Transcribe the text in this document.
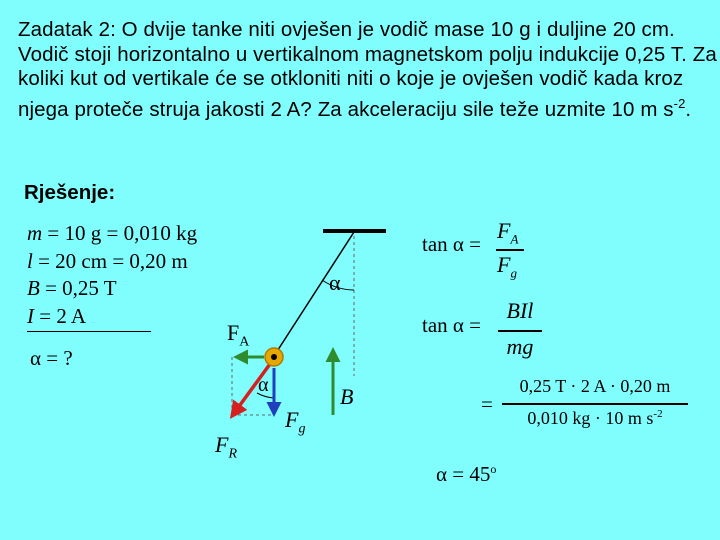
Zadatak 2: O dvije tanke niti ovješen je vodič mase 10 g i duljine 20 cm. Vodič stoji horizontalno u vertikalnom magnetskom polju indukcije 0,25 T. Za koliki kut od vertikale će se otkloniti niti o koje je ovješen vodič kada kroz njega proteče struja jakosti 2 A? Za akceleraciju sile teže uzmite 10 m $s^{-2}$.
Rješenje:
m = 10 g = 0,010 kg
l = 20 cm = 0,20 m
B = 0,25 T
I = 2 A
α = ?
α
α
$F_A$
$F_g$
$F_R$
B
tan α =
$F_A$
$F_g$
tan α =
BIl
mg
=
0,25 T · 2 A · 0,20 m
0,010 kg · 10 m $s^{-2}$
$\alpha = 45^o$
